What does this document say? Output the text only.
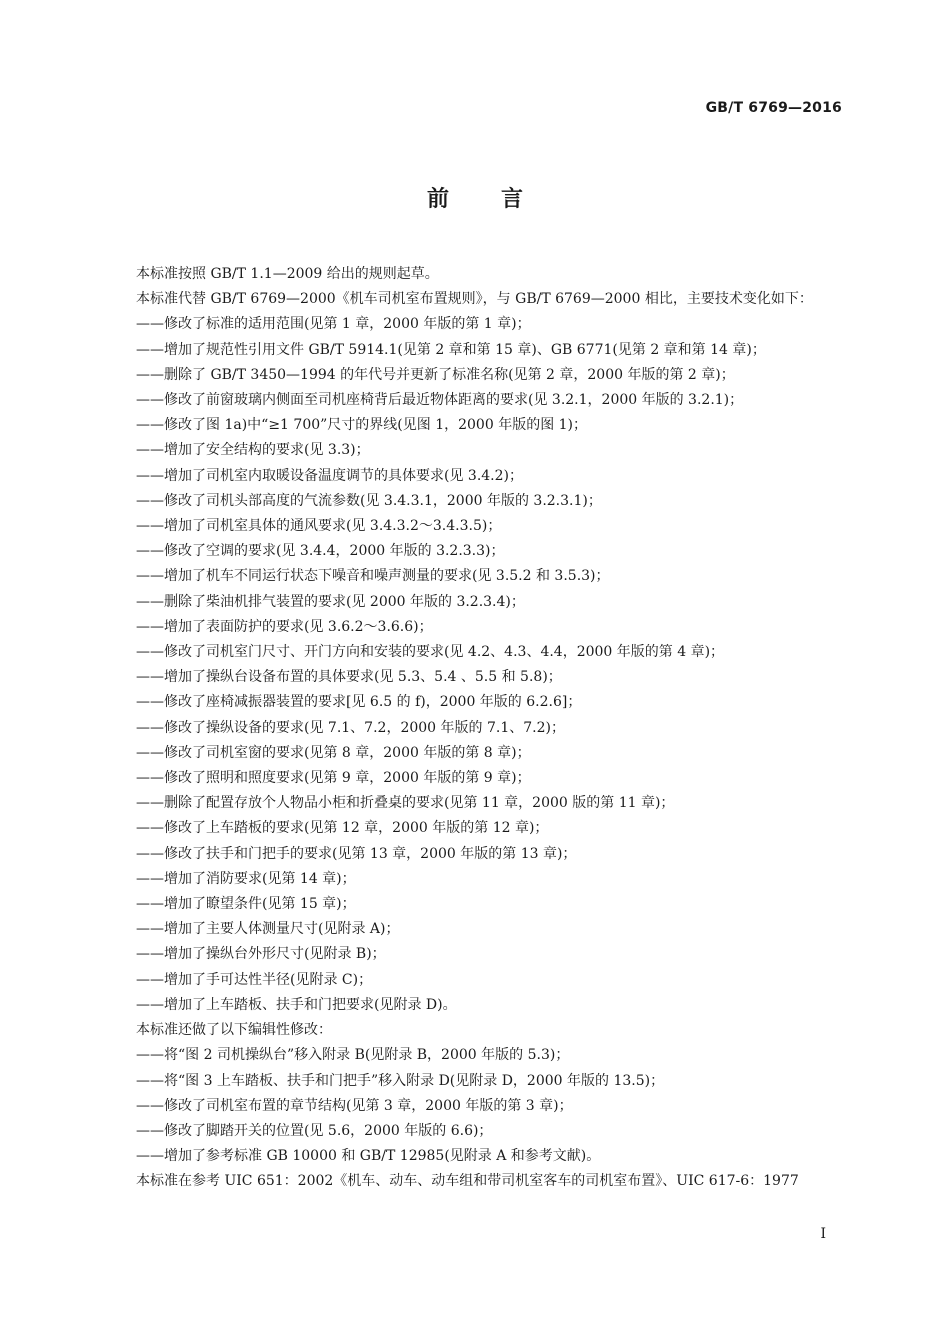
GB/T 6769—2016
前言

本标准按照 GB/T 1.1—2009 给出的规则起草。

本标准代替 GB/T 6769—2000《机车司机室布置规则》，与 GB/T 6769—2000 相比，主要技术变化如下：

——修改了标准的适用范围(见第 1 章，2000 年版的第 1 章)；

——增加了规范性引用文件 GB/T 5914.1(见第 2 章和第 15 章)、GB 6771(见第 2 章和第 14 章)；

——删除了 GB/T 3450—1994 的年代号并更新了标准名称(见第 2 章，2000 年版的第 2 章)；

——修改了前窗玻璃内侧面至司机座椅背后最近物体距离的要求(见 3.2.1，2000 年版的 3.2.1)；

——修改了图 1a)中“≥1 700”尺寸的界线(见图 1，2000 年版的图 1)；

——增加了安全结构的要求(见 3.3)；

——增加了司机室内取暖设备温度调节的具体要求(见 3.4.2)；

——修改了司机头部高度的气流参数(见 3.4.3.1，2000 年版的 3.2.3.1)；

——增加了司机室具体的通风要求(见 3.4.3.2～3.4.3.5)；

——修改了空调的要求(见 3.4.4，2000 年版的 3.2.3.3)；

——增加了机车不同运行状态下噪音和噪声测量的要求(见 3.5.2 和 3.5.3)；

——删除了柴油机排气装置的要求(见 2000 年版的 3.2.3.4)；

——增加了表面防护的要求(见 3.6.2～3.6.6)；

——修改了司机室门尺寸、开门方向和安装的要求(见 4.2、4.3、4.4，2000 年版的第 4 章)；

——增加了操纵台设备布置的具体要求(见 5.3、5.4 、5.5 和 5.8)；

——修改了座椅减振器装置的要求[见 6.5 的 f)，2000 年版的 6.2.6]；

——修改了操纵设备的要求(见 7.1、7.2，2000 年版的 7.1、7.2)；

——修改了司机室窗的要求(见第 8 章，2000 年版的第 8 章)；

——修改了照明和照度要求(见第 9 章，2000 年版的第 9 章)；

——删除了配置存放个人物品小柜和折叠桌的要求(见第 11 章，2000 版的第 11 章)；

——修改了上车踏板的要求(见第 12 章，2000 年版的第 12 章)；

——修改了扶手和门把手的要求(见第 13 章，2000 年版的第 13 章)；

——增加了消防要求(见第 14 章)；

——增加了瞭望条件(见第 15 章)；

——增加了主要人体测量尺寸(见附录 A)；

——增加了操纵台外形尺寸(见附录 B)；

——增加了手可达性半径(见附录 C)；

——增加了上车踏板、扶手和门把要求(见附录 D)。

本标准还做了以下编辑性修改：

——将“图 2 司机操纵台”移入附录 B(见附录 B，2000 年版的 5.3)；

——将“图 3 上车踏板、扶手和门把手”移入附录 D(见附录 D，2000 年版的 13.5)；

——修改了司机室布置的章节结构(见第 3 章，2000 年版的第 3 章)；

——修改了脚踏开关的位置(见 5.6，2000 年版的 6.6)；

——增加了参考标准 GB 10000 和 GB/T 12985(见附录 A 和参考文献)。

本标准在参考 UIC 651：2002《机车、动车、动车组和带司机室客车的司机室布置》、UIC 617-6：1977

I
